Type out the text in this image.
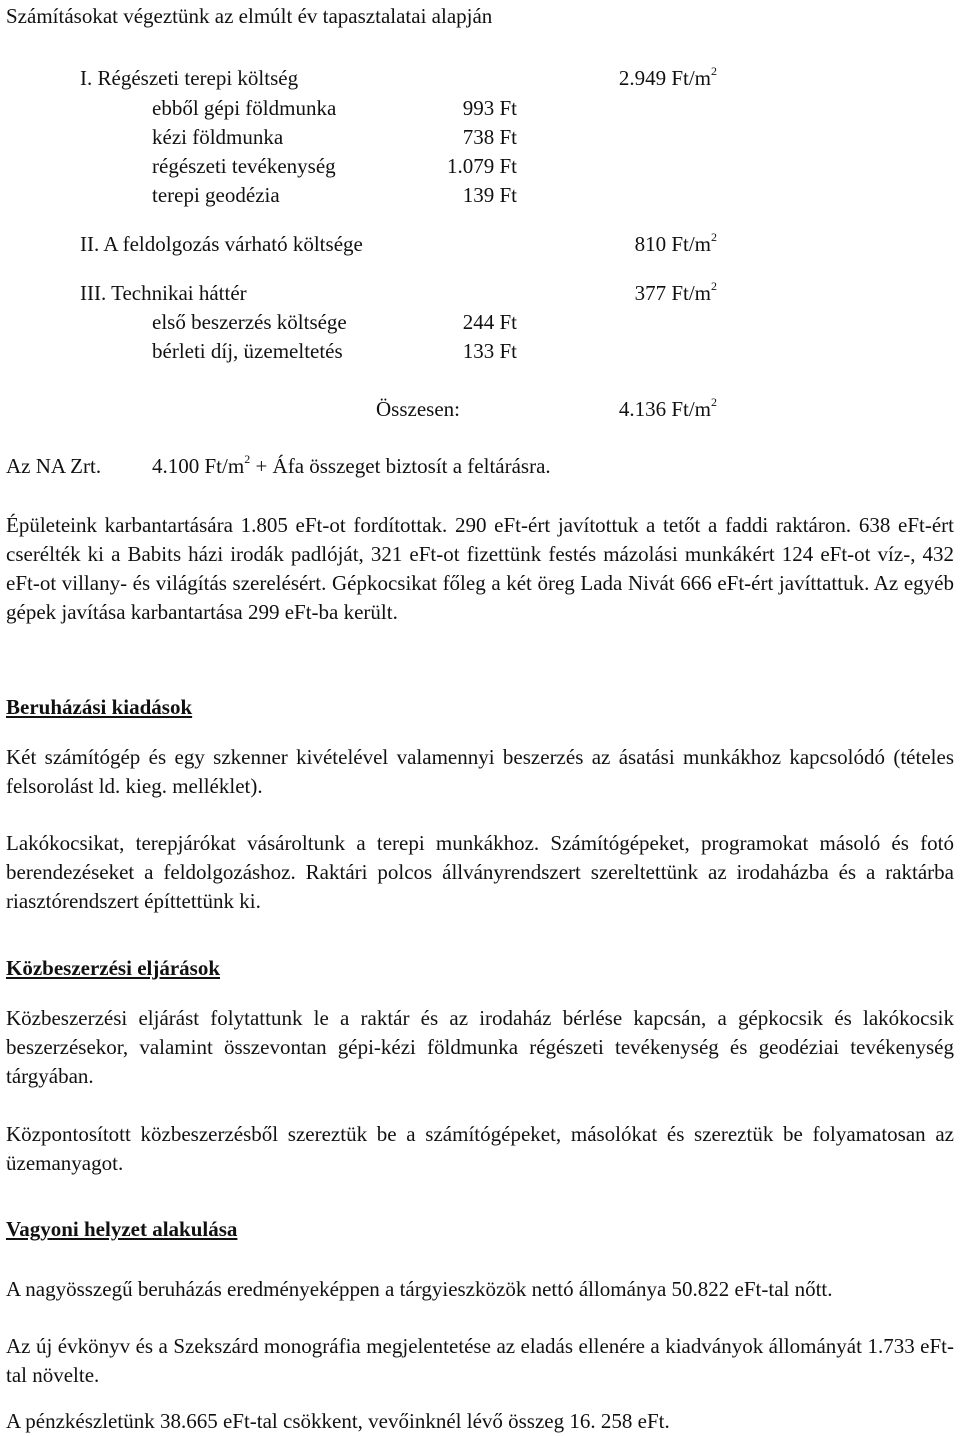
Számításokat végeztünk az elmúlt év tapasztalatai alapján
I. Régészeti terepi költség	2.949 $Ft/m^2$
ebből gépi földmunka	993 Ft
kézi földmunka	738 Ft
régészeti tevékenység	1.079 Ft
terepi geodézia	139 Ft
II. A feldolgozás várható költsége	810 $Ft/m^2$
III. Technikai háttér	377 $Ft/m^2$
első beszerzés költsége	244 Ft
bérleti díj, üzemeltetés	133 Ft
Összesen:	4.136 $Ft/m^2$
Az NA Zrt. 4.100 $Ft/m^2$ + Áfa összeget biztosít a feltárásra.
Épületeink karbantartására 1.805 eFt-ot fordítottak. 290 eFt-ért javítottuk a tetőt a faddi raktáron. 638 eFt-ért cserélték ki a Babits házi irodák padlóját, 321 eFt-ot fizettünk festés mázolási munkákért 124 eFt-ot víz-, 432 eFt-ot villany- és világítás szerelésért. Gépkocsikat főleg a két öreg Lada Nivát 666 eFt-ért javíttattuk. Az egyéb gépek javítása karbantartása 299 eFt-ba került.
Beruházási kiadások
Két számítógép és egy szkenner kivételével valamennyi beszerzés az ásatási munkákhoz kapcsolódó (tételes felsorolást ld. kieg. melléklet).
Lakókocsikat, terepjárókat vásároltunk a terepi munkákhoz. Számítógépeket, programokat másoló és fotó berendezéseket a feldolgozáshoz. Raktári polcos állványrendszert szereltettünk az irodaházba és a raktárba riasztórendszert építtettünk ki.
Közbeszerzési eljárások
Közbeszerzési eljárást folytattunk le a raktár és az irodaház bérlése kapcsán, a gépkocsik és lakókocsik beszerzésekor, valamint összevontan gépi-kézi földmunka régészeti tevékenység és geodéziai tevékenység tárgyában.
Központosított közbeszerzésből szereztük be a számítógépeket, másolókat és szereztük be folyamatosan az üzemanyagot.
Vagyoni helyzet alakulása
A nagyösszegű beruházás eredményeképpen a tárgyieszközök nettó állománya 50.822 eFt-tal nőtt.
Az új évkönyv és a Szekszárd monográfia megjelentetése az eladás ellenére a kiadványok állományát 1.733 eFt-tal növelte.
A pénzkészletünk 38.665 eFt-tal csökkent, vevőinknél lévő összeg 16. 258 eFt.
